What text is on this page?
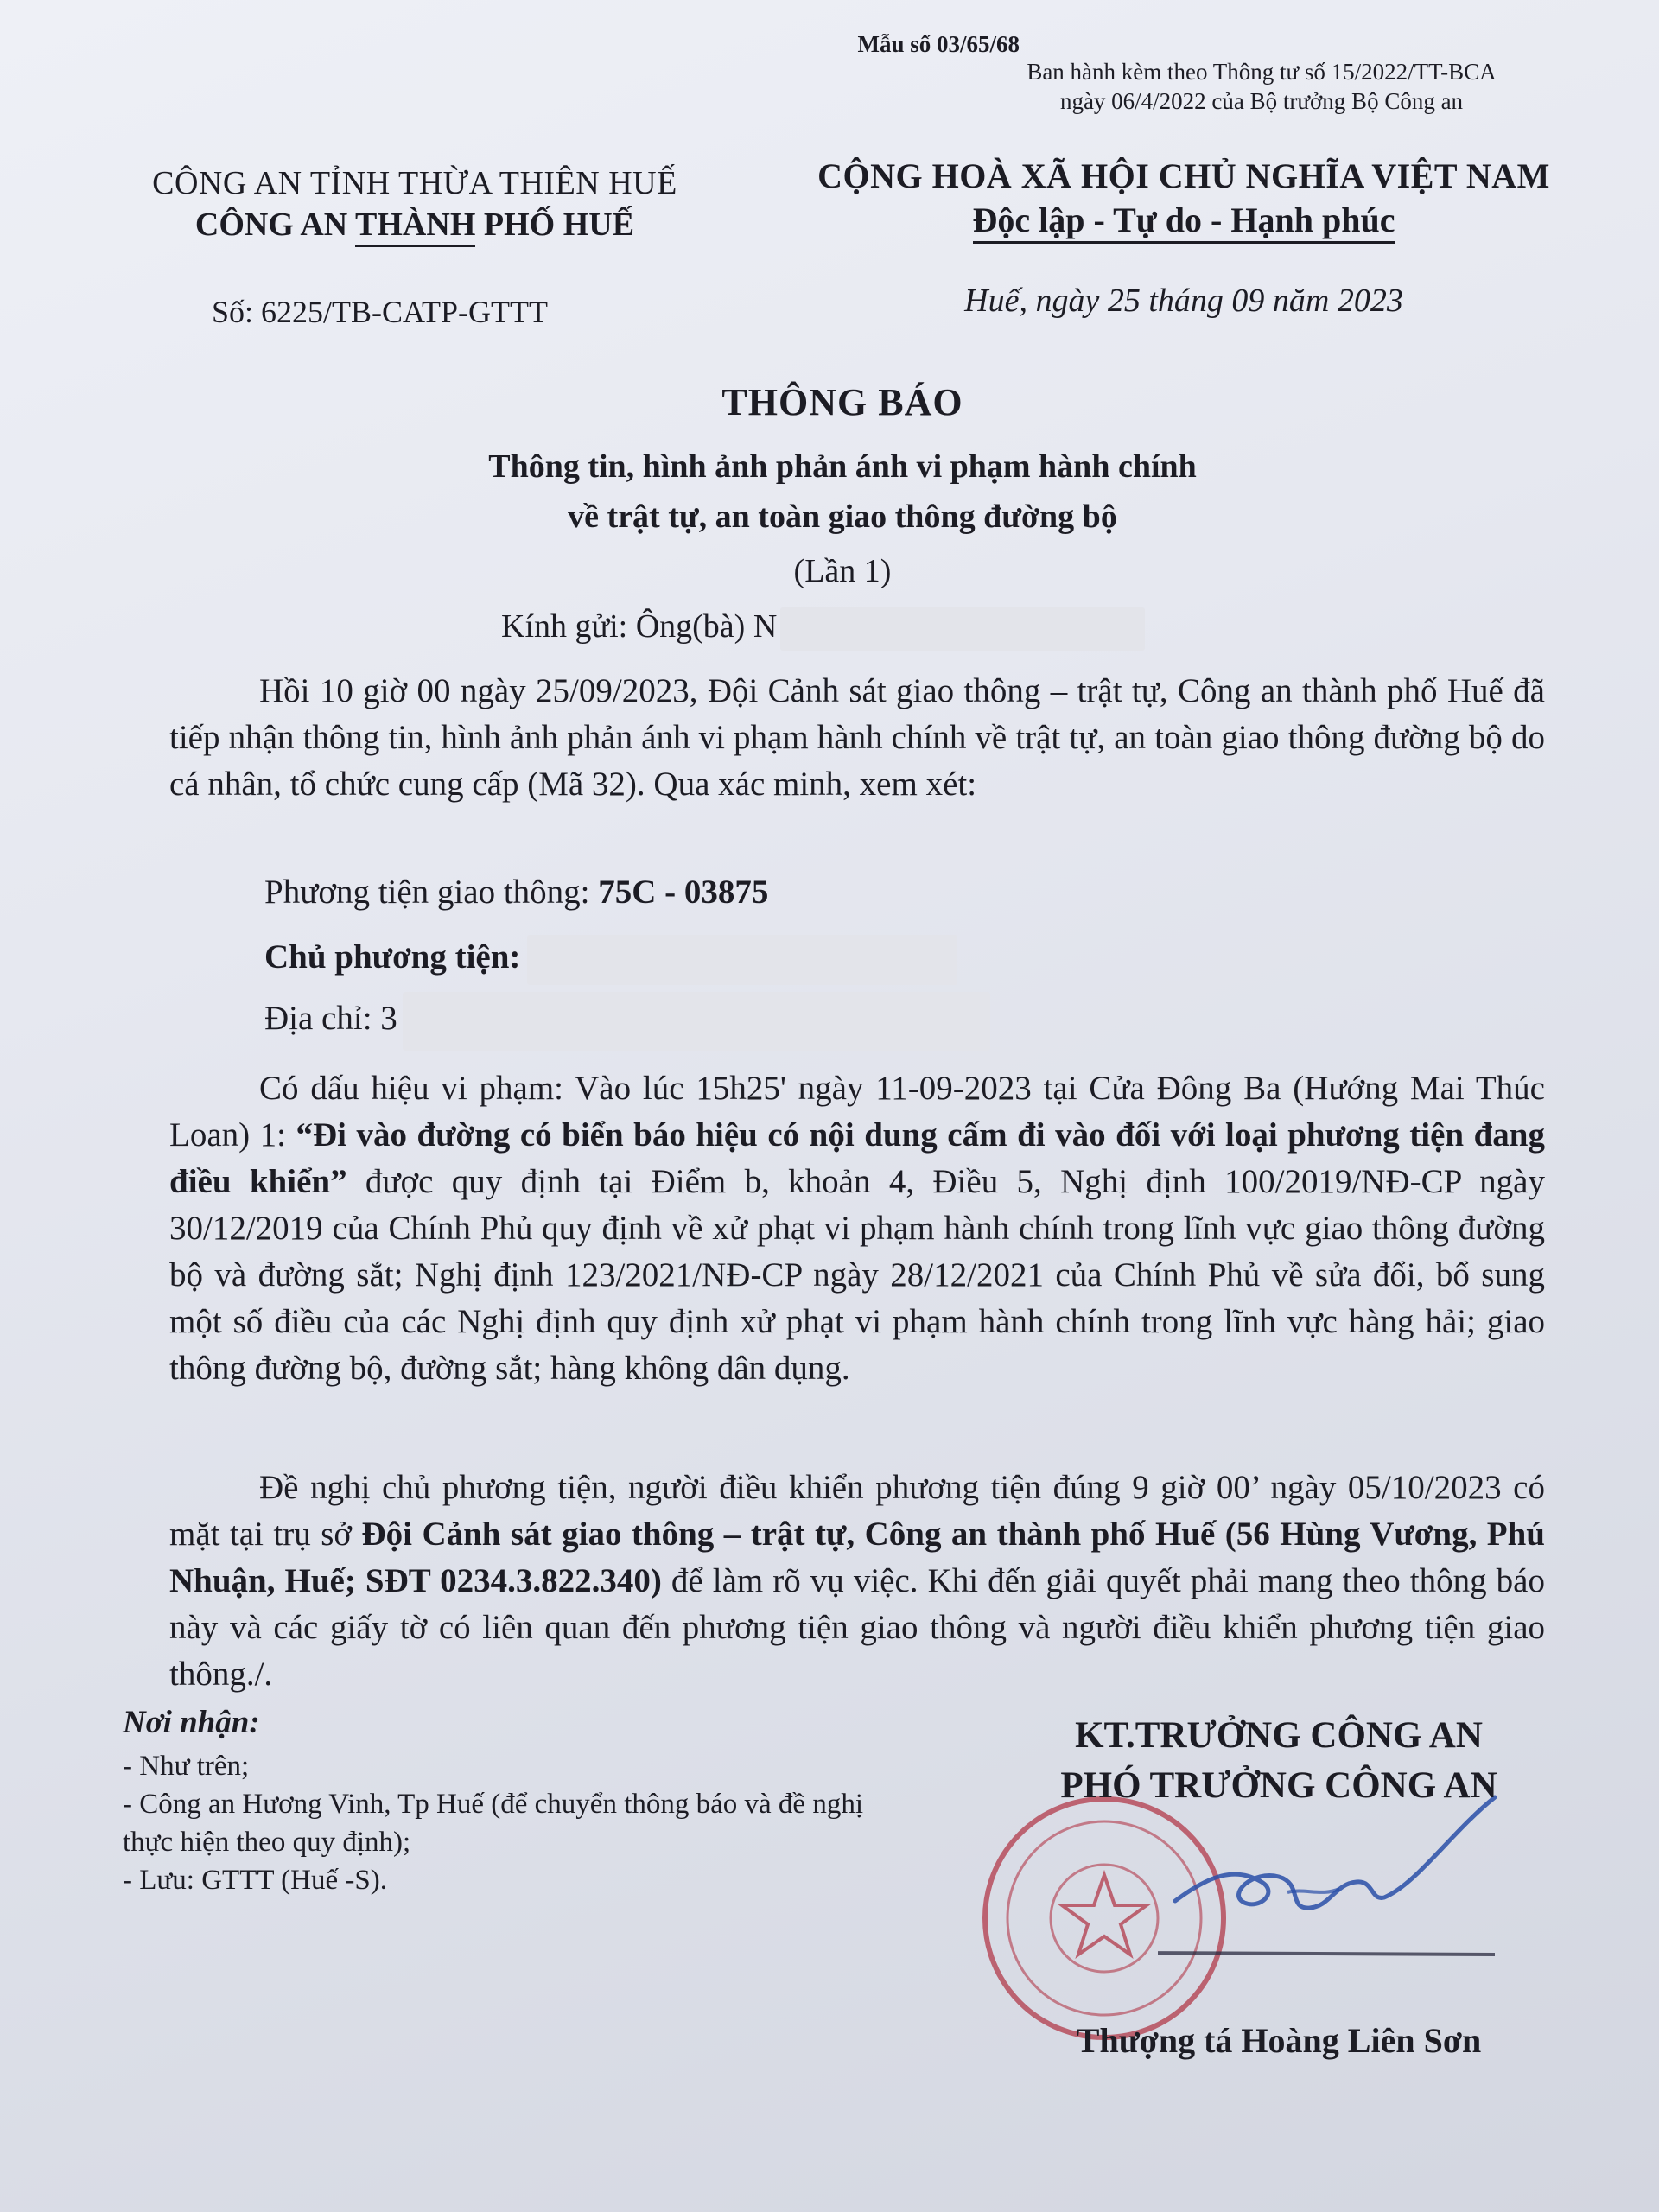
Mẫu số 03/65/68
Ban hành kèm theo Thông tư số 15/2022/TT-BCA
ngày 06/4/2022 của Bộ trưởng Bộ Công an
CÔNG AN TỈNH THỪA THIÊN HUẾ
CÔNG AN THÀNH PHỐ HUẾ
Số: 6225/TB-CATP-GTTT
CỘNG HOÀ XÃ HỘI CHỦ NGHĨA VIỆT NAM
Độc lập - Tự do - Hạnh phúc
Huế, ngày 25 tháng 09 năm 2023
THÔNG BÁO
Thông tin, hình ảnh phản ánh vi phạm hành chính
về trật tự, an toàn giao thông đường bộ
(Lần 1)
Kính gửi: Ông(bà) N
Hồi 10 giờ 00 ngày 25/09/2023, Đội Cảnh sát giao thông – trật tự, Công an thành phố Huế đã tiếp nhận thông tin, hình ảnh phản ánh vi phạm hành chính về trật tự, an toàn giao thông đường bộ do cá nhân, tổ chức cung cấp (Mã 32). Qua xác minh, xem xét:
Phương tiện giao thông: 75C - 03875
Chủ phương tiện:
Địa chỉ: 3
Có dấu hiệu vi phạm: Vào lúc 15h25' ngày 11-09-2023 tại Cửa Đông Ba (Hướng Mai Thúc Loan) 1: “Đi vào đường có biển báo hiệu có nội dung cấm đi vào đối với loại phương tiện đang điều khiển” được quy định tại Điểm b, khoản 4, Điều 5, Nghị định 100/2019/NĐ-CP ngày 30/12/2019 của Chính Phủ quy định về xử phạt vi phạm hành chính trong lĩnh vực giao thông đường bộ và đường sắt; Nghị định 123/2021/NĐ-CP ngày 28/12/2021 của Chính Phủ về sửa đổi, bổ sung một số điều của các Nghị định quy định xử phạt vi phạm hành chính trong lĩnh vực hàng hải; giao thông đường bộ, đường sắt; hàng không dân dụng.
Đề nghị chủ phương tiện, người điều khiển phương tiện đúng 9 giờ 00’ ngày 05/10/2023 có mặt tại trụ sở Đội Cảnh sát giao thông – trật tự, Công an thành phố Huế (56 Hùng Vương, Phú Nhuận, Huế; SĐT 0234.3.822.340) để làm rõ vụ việc. Khi đến giải quyết phải mang theo thông báo này và các giấy tờ có liên quan đến phương tiện giao thông và người điều khiển phương tiện giao thông./.
Nơi nhận:
- Như trên;
- Công an Hương Vinh, Tp Huế (để chuyển thông báo và đề nghị thực hiện theo quy định);
- Lưu: GTTT (Huế -S).
KT.TRƯỞNG CÔNG AN
PHÓ TRƯỞNG CÔNG AN
Thượng tá Hoàng Liên Sơn
